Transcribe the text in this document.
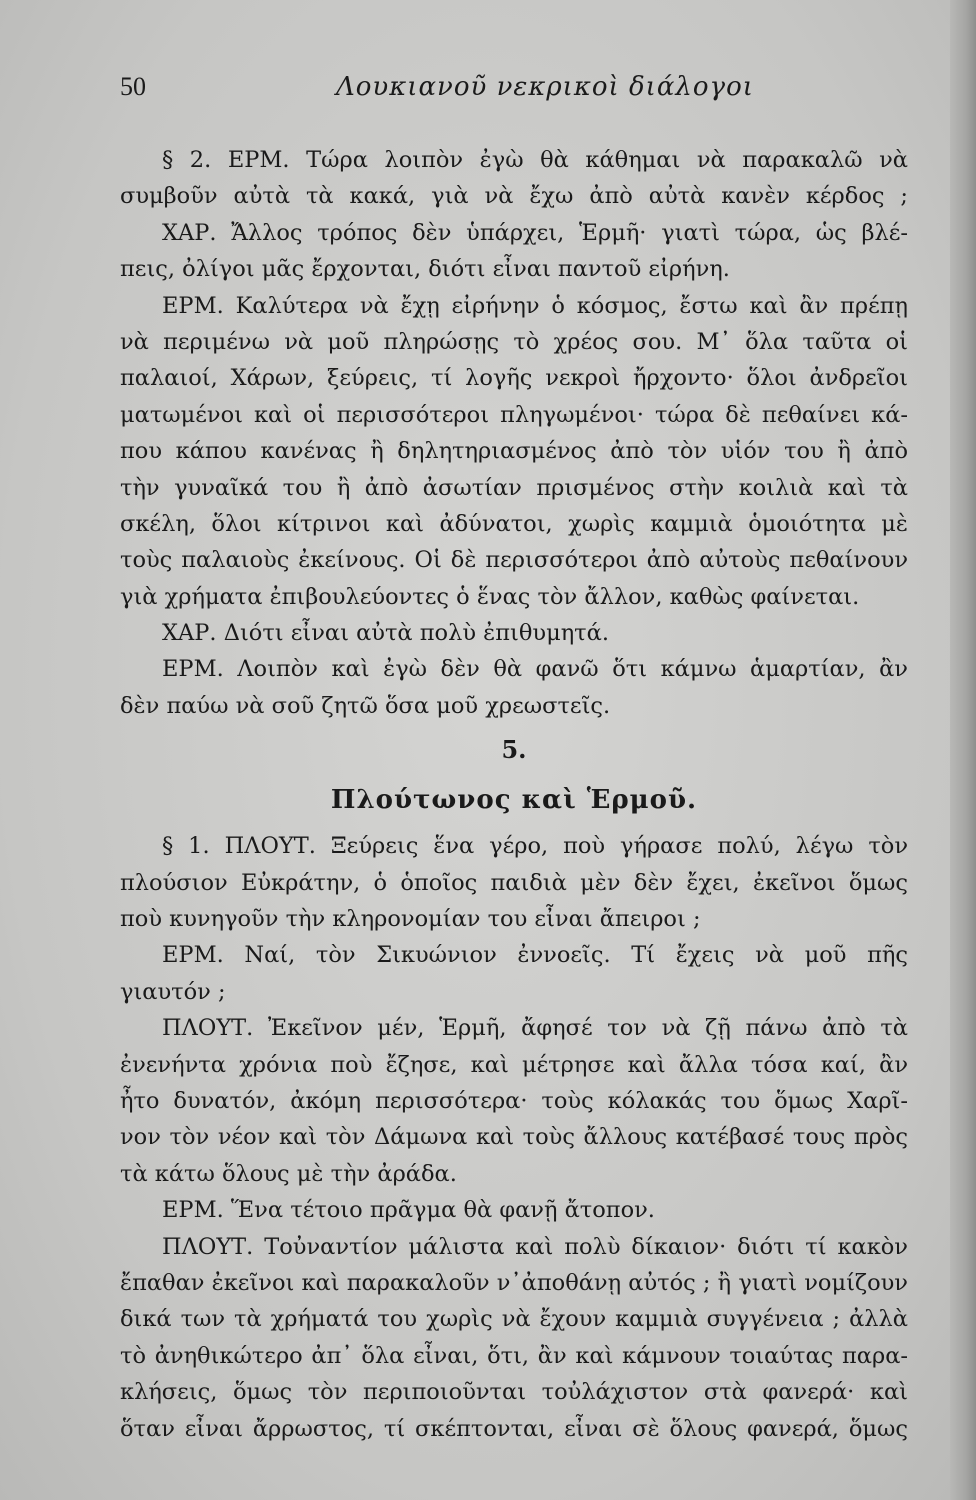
50	Λουκιανοῦ νεκρικοὶ διάλογοι
§ 2. ΕΡΜ. Τώρα λοιπὸν ἐγὼ θὰ κάθημαι νὰ παρακαλῶ νὰ
συμβοῦν αὐτὰ τὰ κακά, γιὰ νὰ ἔχω ἀπὸ αὐτὰ κανὲν κέρδος ;
ΧΑΡ. Ἄλλος τρόπος δὲν ὑπάρχει, Ἑρμῆ· γιατὶ τώρα, ὡς βλέ-
πεις, ὀλίγοι μᾶς ἔρχονται, διότι εἶναι παντοῦ εἰρήνη.
ΕΡΜ. Καλύτερα νὰ ἔχῃ εἰρήνην ὁ κόσμος, ἔστω καὶ ἂν πρέπῃ
νὰ περιμένω νὰ μοῦ πληρώσῃς τὸ χρέος σου. Μ᾽ ὅλα ταῦτα οἱ
παλαιοί, Χάρων, ξεύρεις, τί λογῆς νεκροὶ ἤρχοντο· ὅλοι ἀνδρεῖοι
ματωμένοι καὶ οἱ περισσότεροι πληγωμένοι· τώρα δὲ πεθαίνει κά-
που κάπου κανένας ἢ δηλητηριασμένος ἀπὸ τὸν υἱόν του ἢ ἀπὸ
τὴν γυναῖκά του ἢ ἀπὸ ἀσωτίαν πρισμένος στὴν κοιλιὰ καὶ τὰ
σκέλη, ὅλοι κίτρινοι καὶ ἀδύνατοι, χωρὶς καμμιὰ ὁμοιότητα μὲ
τοὺς παλαιοὺς ἐκείνους. Οἱ δὲ περισσότεροι ἀπὸ αὐτοὺς πεθαίνουν
γιὰ χρήματα ἐπιβουλεύοντες ὁ ἕνας τὸν ἄλλον, καθὼς φαίνεται.
ΧΑΡ. Διότι εἶναι αὐτὰ πολὺ ἐπιθυμητά.
ΕΡΜ. Λοιπὸν καὶ ἐγὼ δὲν θὰ φανῶ ὅτι κάμνω ἁμαρτίαν, ἂν
δὲν παύω νὰ σοῦ ζητῶ ὅσα μοῦ χρεωστεῖς.
5.
Πλούτωνος καὶ Ἑρμοῦ.
§ 1. ΠΛΟΥΤ. Ξεύρεις ἕνα γέρο, ποὺ γήρασε πολύ, λέγω τὸν
πλούσιον Εὐκράτην, ὁ ὁποῖος παιδιὰ μὲν δὲν ἔχει, ἐκεῖνοι ὅμως
ποὺ κυνηγοῦν τὴν κληρονομίαν του εἶναι ἄπειροι ;
ΕΡΜ. Ναί, τὸν Σικυώνιον ἐννοεῖς. Τί ἔχεις νὰ μοῦ πῆς
γιαυτόν ;
ΠΛΟΥΤ. Ἐκεῖνον μέν, Ἑρμῆ, ἄφησέ τον νὰ ζῇ πάνω ἀπὸ τὰ
ἐνενήντα χρόνια ποὺ ἔζησε, καὶ μέτρησε καὶ ἄλλα τόσα καί, ἂν
ἦτο δυνατόν, ἀκόμη περισσότερα· τοὺς κόλακάς του ὅμως Χαρῖ-
νον τὸν νέον καὶ τὸν Δάμωνα καὶ τοὺς ἄλλους κατέβασέ τους πρὸς
τὰ κάτω ὅλους μὲ τὴν ἀράδα.
ΕΡΜ. Ἕνα τέτοιο πρᾶγμα θὰ φανῇ ἄτοπον.
ΠΛΟΥΤ. Τοὐναντίον μάλιστα καὶ πολὺ δίκαιον· διότι τί κακὸν
ἔπαθαν ἐκεῖνοι καὶ παρακαλοῦν ν᾽ἀποθάνῃ αὐτός ; ἢ γιατὶ νομίζουν
δικά των τὰ χρήματά του χωρὶς νὰ ἔχουν καμμιὰ συγγένεια ; ἀλλὰ
τὸ ἀνηθικώτερο ἀπ᾽ ὅλα εἶναι, ὅτι, ἂν καὶ κάμνουν τοιαύτας παρα-
κλήσεις, ὅμως τὸν περιποιοῦνται τοὐλάχιστον στὰ φανερά· καὶ
ὅταν εἶναι ἄρρωστος, τί σκέπτονται, εἶναι σὲ ὅλους φανερά, ὅμως
